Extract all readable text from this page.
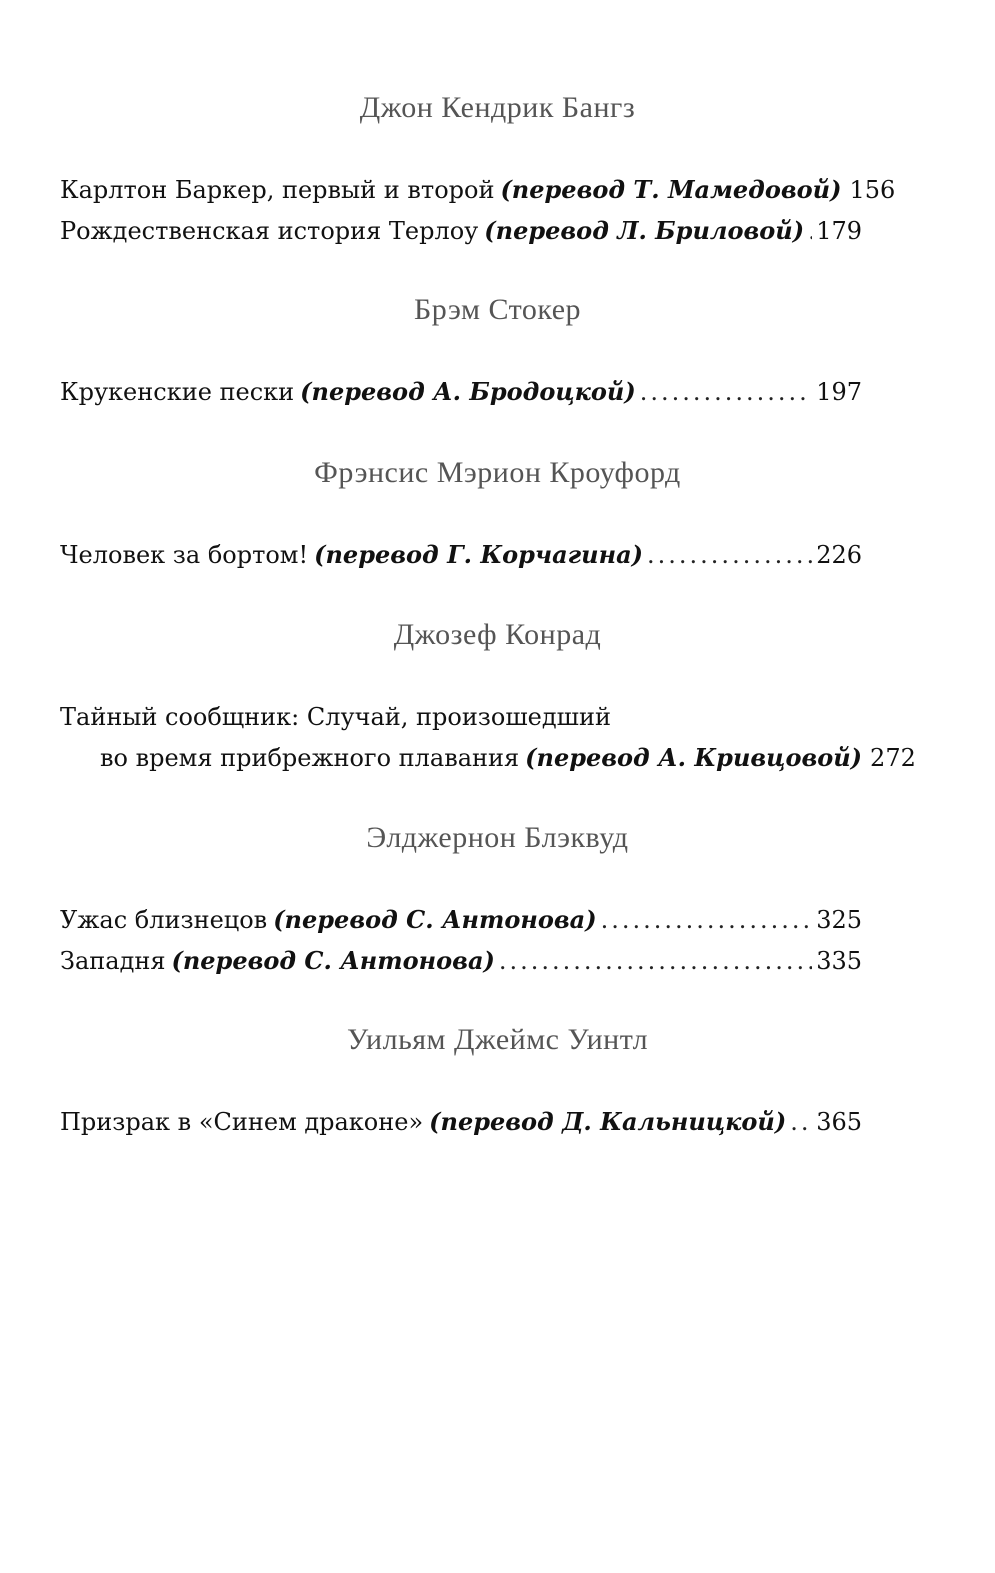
Джон Кендрик Бангз
Карлтон Баркер, первый и второй (перевод Т. Мамедовой) 156
Рождественская история Терлоу (перевод Л. Бриловой) ..... 179
Брэм Стокер
Крукенские пески (перевод А. Бродоцкой) .....	197
Фрэнсис Мэрион Кроуфорд
Человек за бортом! (перевод Г. Корчагина) .....	226
Джозеф Конрад
Тайный сообщник: Случай, произошедший
во время прибрежного плавания (перевод А. Кривцовой) 272
Элджернон Блэквуд
Ужас близнецов (перевод С. Антонова) .....	325
Западня (перевод С. Антонова) .....	335
Уильям Джеймс Уинтл
Призрак в «Синем драконе» (перевод Д. Кальницкой) ..... 365
